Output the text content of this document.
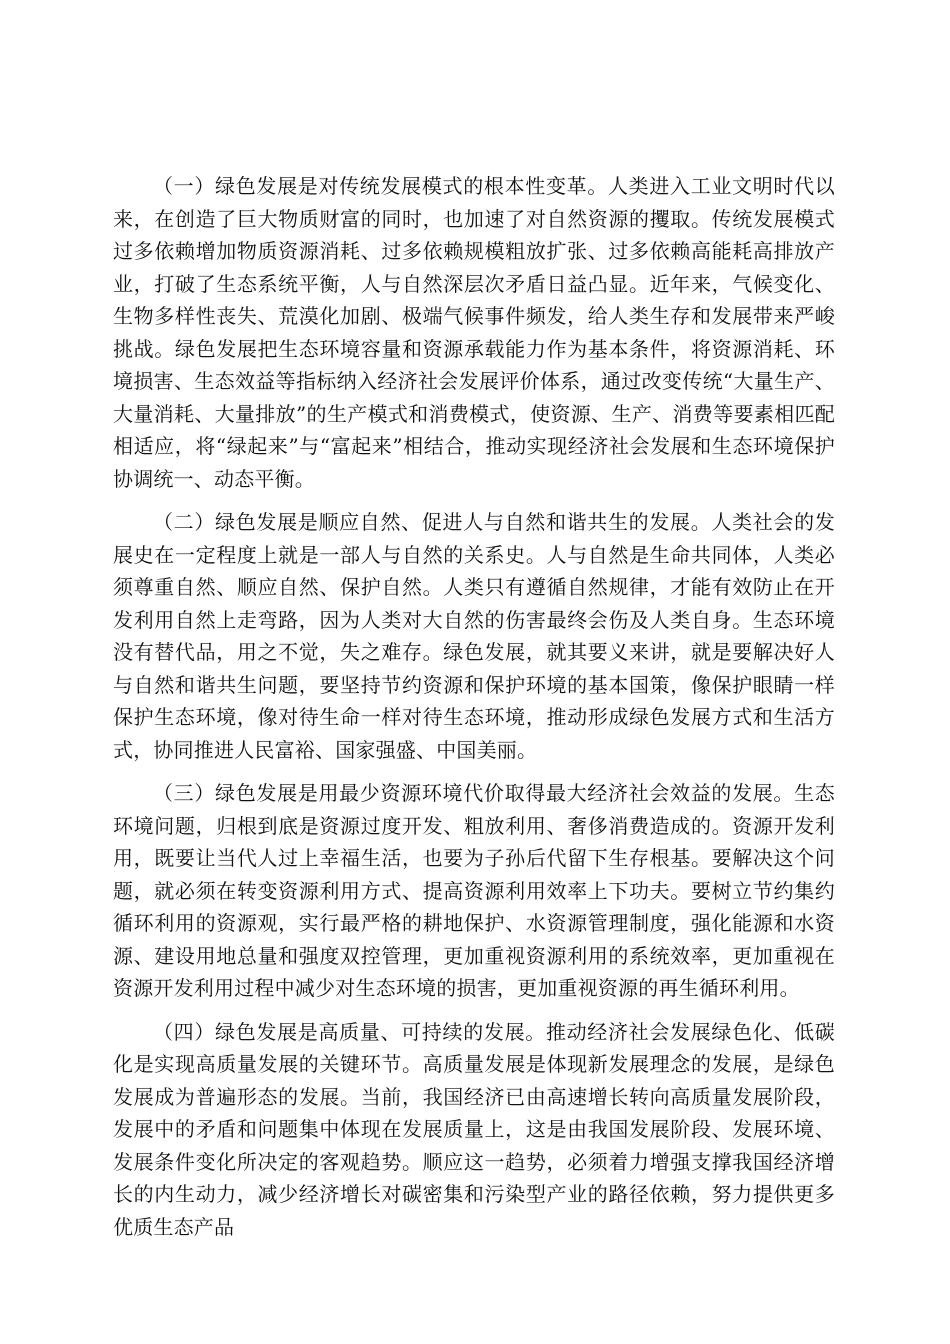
（一）绿色发展是对传统发展模式的根本性变革。人类进入工业文明时代以来，在创造了巨大物质财富的同时，也加速了对自然资源的攫取。传统发展模式过多依赖增加物质资源消耗、过多依赖规模粗放扩张、过多依赖高能耗高排放产业，打破了生态系统平衡，人与自然深层次矛盾日益凸显。近年来，气候变化、生物多样性丧失、荒漠化加剧、极端气候事件频发，给人类生存和发展带来严峻挑战。绿色发展把生态环境容量和资源承载能力作为基本条件，将资源消耗、环境损害、生态效益等指标纳入经济社会发展评价体系，通过改变传统“大量生产、大量消耗、大量排放”的生产模式和消费模式，使资源、生产、消费等要素相匹配相适应，将“绿起来”与“富起来”相结合，推动实现经济社会发展和生态环境保护协调统一、动态平衡。

（二）绿色发展是顺应自然、促进人与自然和谐共生的发展。人类社会的发展史在一定程度上就是一部人与自然的关系史。人与自然是生命共同体，人类必须尊重自然、顺应自然、保护自然。人类只有遵循自然规律，才能有效防止在开发利用自然上走弯路，因为人类对大自然的伤害最终会伤及人类自身。生态环境没有替代品，用之不觉，失之难存。绿色发展，就其要义来讲，就是要解决好人与自然和谐共生问题，要坚持节约资源和保护环境的基本国策，像保护眼睛一样保护生态环境，像对待生命一样对待生态环境，推动形成绿色发展方式和生活方式，协同推进人民富裕、国家强盛、中国美丽。

（三）绿色发展是用最少资源环境代价取得最大经济社会效益的发展。生态环境问题，归根到底是资源过度开发、粗放利用、奢侈消费造成的。资源开发利用，既要让当代人过上幸福生活，也要为子孙后代留下生存根基。要解决这个问题，就必须在转变资源利用方式、提高资源利用效率上下功夫。要树立节约集约循环利用的资源观，实行最严格的耕地保护、水资源管理制度，强化能源和水资源、建设用地总量和强度双控管理，更加重视资源利用的系统效率，更加重视在资源开发利用过程中减少对生态环境的损害，更加重视资源的再生循环利用。

（四）绿色发展是高质量、可持续的发展。推动经济社会发展绿色化、低碳化是实现高质量发展的关键环节。高质量发展是体现新发展理念的发展，是绿色发展成为普遍形态的发展。当前，我国经济已由高速增长转向高质量发展阶段，发展中的矛盾和问题集中体现在发展质量上，这是由我国发展阶段、发展环境、发展条件变化所决定的客观趋势。顺应这一趋势，必须着力增强支撑我国经济增长的内生动力，减少经济增长对碳密集和污染型产业的路径依赖，努力提供更多优质生态产品
